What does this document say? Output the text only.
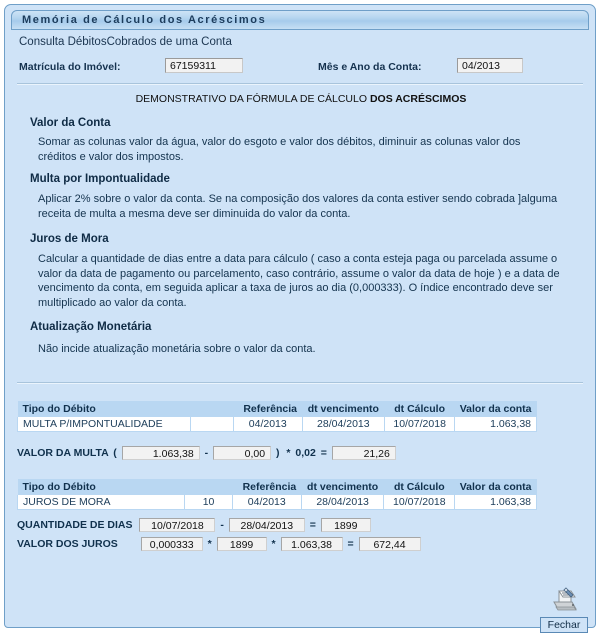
Memória de Cálculo dos Acréscimos
Consulta DébitosCobrados de uma Conta
Matrícula do Imóvel:	67159311	Mês e Ano da Conta:	04/2013
DEMONSTRATIVO DA FÓRMULA DE CÁLCULO DOS ACRÉSCIMOS
Valor da Conta
Somar as colunas valor da água, valor do esgoto e valor dos débitos, diminuir as colunas valor dos créditos e valor dos impostos.
Multa por Impontualidade
Aplicar 2% sobre o valor da conta. Se na composição dos valores da conta estiver sendo cobrada ]alguma receita de multa a mesma deve ser diminuida do valor da conta.
Juros de Mora
Calcular a quantidade de dias entre a data para cálculo ( caso a conta esteja paga ou parcelada assume o valor da data de pagamento ou parcelamento, caso contrário, assume o valor da data de hoje ) e a data de vencimento da conta, em seguida aplicar a taxa de juros ao dia (0,000333). O índice encontrado deve ser multiplicado ao valor da conta.
Atualização Monetária
Não incide atualização monetária sobre o valor da conta.
Tipo do Débito		Referência	dt vencimento	dt Cálculo	Valor da conta
MULTA P/IMPONTUALIDADE		04/2013	28/04/2013	10/07/2018	1.063,38
VALOR DA MULTA (	1.063,38 -	0,00 ) * 0,02 =	21,26
Tipo do Débito		Referência	dt vencimento	dt Cálculo	Valor da conta
JUROS DE MORA	10	04/2013	28/04/2013	10/07/2018	1.063,38
QUANTIDADE DE DIAS 10/07/2018 - 28/04/2013 = 1899
VALOR DOS JUROS	0,000333 * 1899 * 1.063,38 = 672,44
Fechar
